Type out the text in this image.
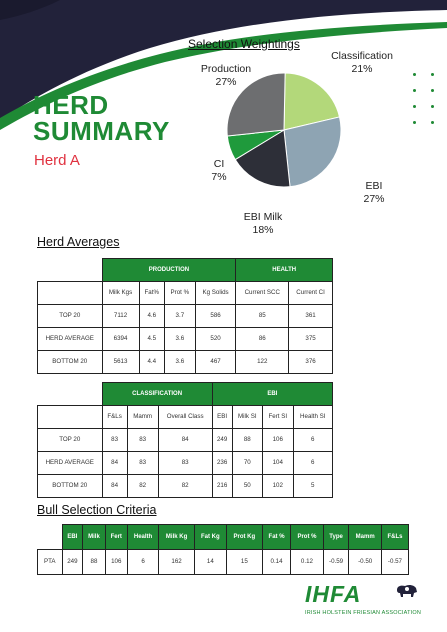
HERD
SUMMARY
Herd A
Selection Weightings
Production
27%
Classification
21%
CI
7%
EBI
27%
EBI Milk
18%
Herd Averages
	PRODUCTION				HEALTH	
	Milk Kgs	Fat%	Prot %	Kg Solids	Current SCC	Current CI
TOP 20	7112	4.6	3.7	586	85	361
HERD AVERAGE	6394	4.5	3.6	520	86	375
BOTTOM 20	5613	4.4	3.6	467	122	376
	CLASSIFICATION			EBI			
	F&Ls	Mamm	Overall Class	EBI	Milk SI	Fert SI	Health SI
TOP 20	83	83	84	249	88	106	6
HERD AVERAGE	84	83	83	236	70	104	6
BOTTOM 20	84	82	82	216	50	102	5
Bull Selection Criteria
	EBI	Milk	Fert	Health	Milk Kg	Fat Kg	Prot Kg	Fat %	Prot %	Type	Mamm	F&Ls
PTA	249	88	106	6	162	14	15	0.14	0.12	-0.59	-0.50	-0.57
IHFA
IRISH HOLSTEIN FRIESIAN ASSOCIATION
